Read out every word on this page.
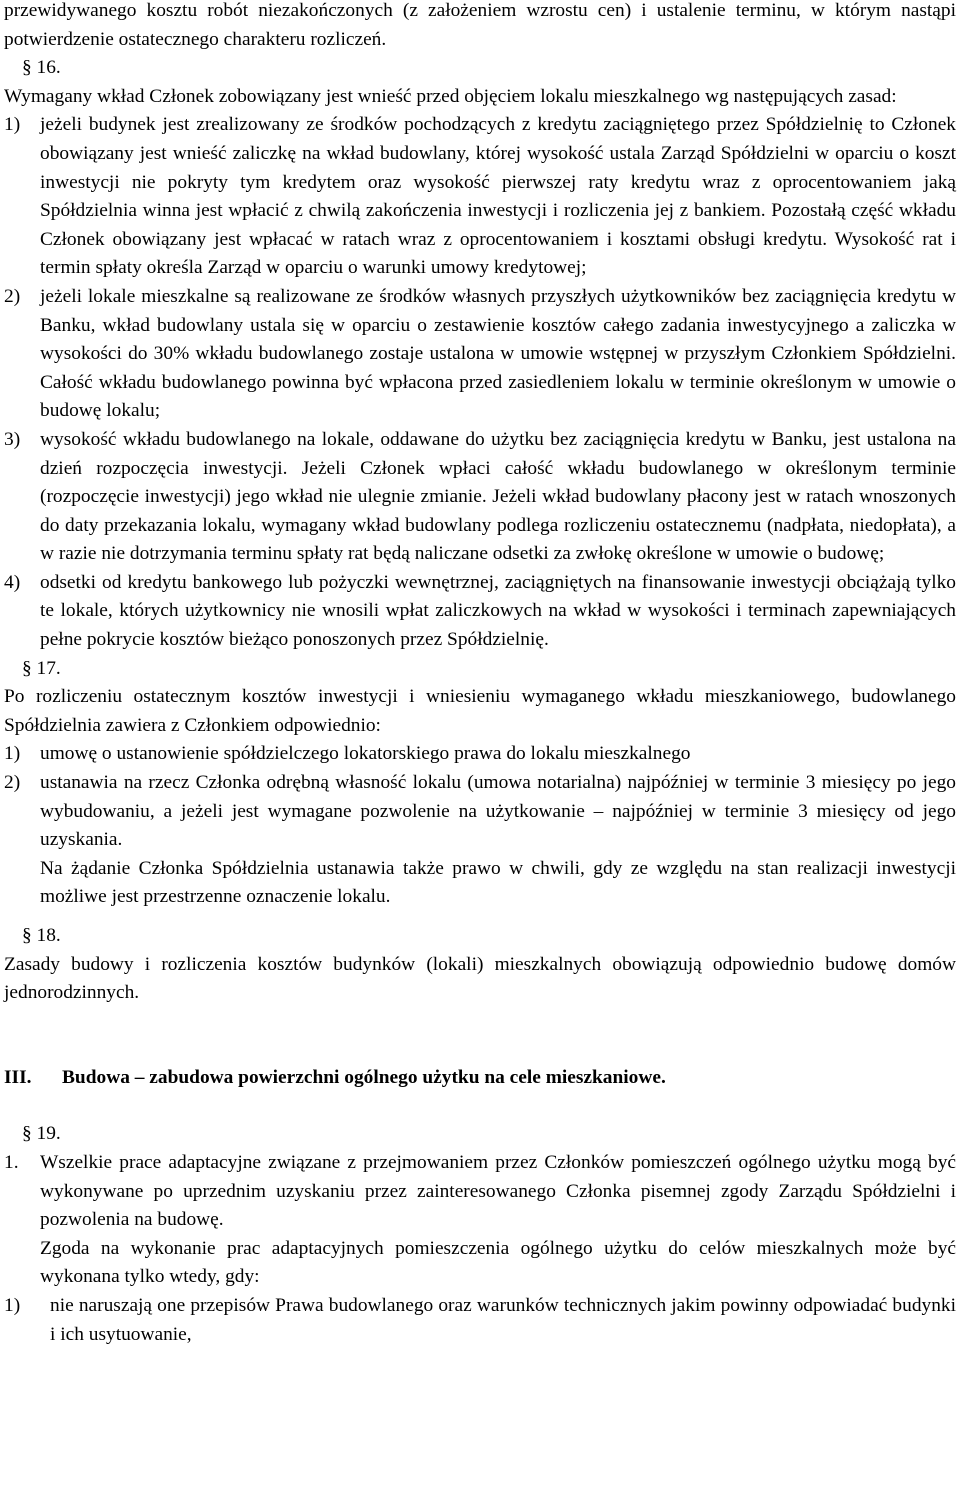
przewidywanego kosztu robót niezakończonych (z założeniem wzrostu cen) i ustalenie terminu, w którym nastąpi potwierdzenie ostatecznego charakteru rozliczeń.

§ 16.

Wymagany wkład Członek zobowiązany jest wnieść przed objęciem lokalu mieszkalnego wg następujących zasad:

1)	jeżeli budynek jest zrealizowany ze środków pochodzących z kredytu zaciągniętego przez Spółdzielnię to Członek obowiązany jest wnieść zaliczkę na wkład budowlany, której wysokość ustala Zarząd Spółdzielni w oparciu o koszt inwestycji nie pokryty tym kredytem oraz wysokość pierwszej raty kredytu wraz z oprocentowaniem jaką Spółdzielnia winna jest wpłacić z chwilą zakończenia inwestycji i rozliczenia jej z bankiem. Pozostałą część wkładu Członek obowiązany jest wpłacać w ratach wraz z oprocentowaniem i kosztami obsługi kredytu. Wysokość rat i termin spłaty określa Zarząd w oparciu o warunki umowy kredytowej;
2)	jeżeli lokale mieszkalne są realizowane ze środków własnych przyszłych użytkowników bez zaciągnięcia kredytu w Banku, wkład budowlany ustala się w oparciu o zestawienie kosztów całego zadania inwestycyjnego a zaliczka w wysokości do 30% wkładu budowlanego zostaje ustalona w umowie wstępnej w przyszłym Członkiem Spółdzielni. Całość wkładu budowlanego powinna być wpłacona przed zasiedleniem lokalu w terminie określonym w umowie o budowę lokalu;
3)	wysokość wkładu budowlanego na lokale, oddawane do użytku bez zaciągnięcia kredytu w Banku, jest ustalona na dzień rozpoczęcia inwestycji. Jeżeli Członek wpłaci całość wkładu budowlanego w określonym terminie (rozpoczęcie inwestycji) jego wkład nie ulegnie zmianie. Jeżeli wkład budowlany płacony jest w ratach wnoszonych do daty przekazania lokalu, wymagany wkład budowlany podlega rozliczeniu ostatecznemu (nadpłata, niedopłata), a w razie nie dotrzymania terminu spłaty rat będą naliczane odsetki za zwłokę określone w umowie o budowę;
4)	odsetki od kredytu bankowego lub pożyczki wewnętrznej, zaciągniętych na finansowanie inwestycji obciążają tylko te lokale, których użytkownicy nie wnosili wpłat zaliczkowych na wkład w wysokości i terminach zapewniających pełne pokrycie kosztów bieżąco ponoszonych przez Spółdzielnię.

§ 17.

Po rozliczeniu ostatecznym kosztów inwestycji i wniesieniu wymaganego wkładu mieszkaniowego, budowlanego Spółdzielnia zawiera z Członkiem odpowiednio:

1)	umowę o ustanowienie spółdzielczego lokatorskiego prawa do lokalu mieszkalnego
2)	ustanawia na rzecz Członka odrębną własność lokalu (umowa notarialna) najpóźniej w terminie 3 miesięcy po jego wybudowaniu, a jeżeli jest wymagane pozwolenie na użytkowanie – najpóźniej w terminie 3 miesięcy od jego uzyskania.

Na żądanie Członka Spółdzielnia ustanawia także prawo w chwili, gdy ze względu na stan realizacji inwestycji możliwe jest przestrzenne oznaczenie lokalu.

§ 18.

Zasady budowy i rozliczenia kosztów budynków (lokali) mieszkalnych obowiązują odpowiednio budowę domów jednorodzinnych.

III.	Budowa – zabudowa powierzchni ogólnego użytku na cele mieszkaniowe.

§ 19.

1.	Wszelkie prace adaptacyjne związane z przejmowaniem przez Członków pomieszczeń ogólnego użytku mogą być wykonywane po uprzednim uzyskaniu przez zainteresowanego Członka pisemnej zgody Zarządu Spółdzielni i pozwolenia na budowę.

Zgoda na wykonanie prac adaptacyjnych pomieszczenia ogólnego użytku do celów mieszkalnych może być wykonana tylko wtedy, gdy:

1)	nie naruszają one przepisów Prawa budowlanego oraz warunków technicznych jakim powinny odpowiadać budynki i ich usytuowanie,
